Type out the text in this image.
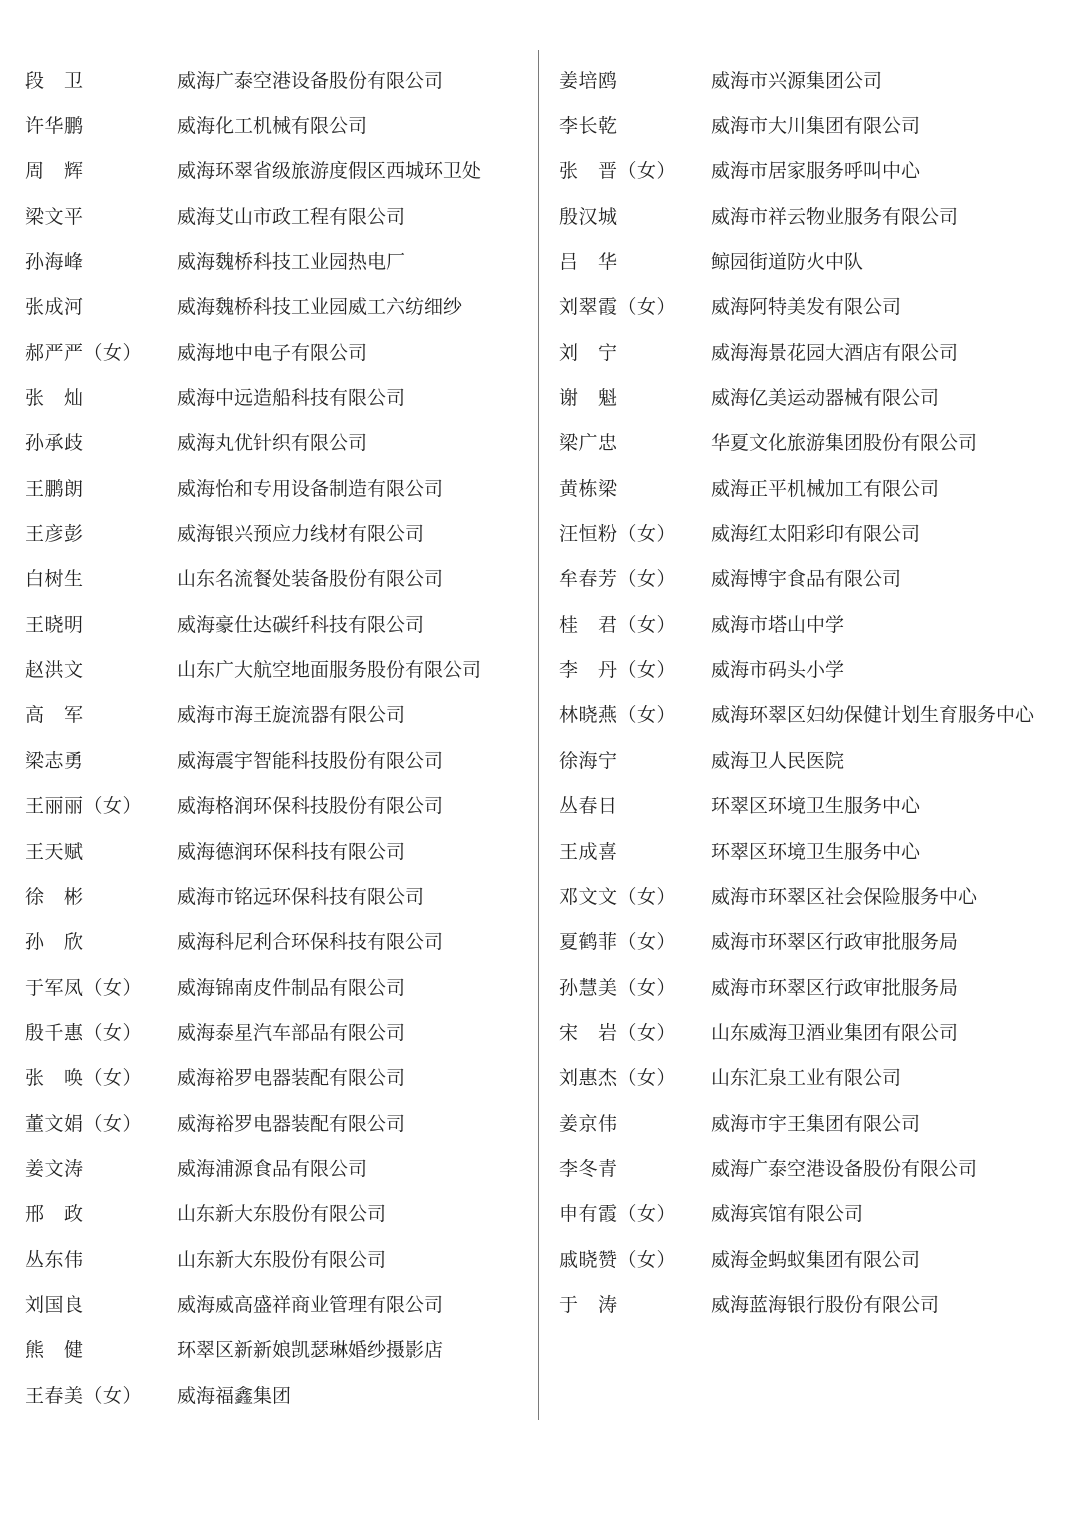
段　卫	威海广泰空港设备股份有限公司
许华鹏	威海化工机械有限公司
周　辉	威海环翠省级旅游度假区西城环卫处
梁文平	威海艾山市政工程有限公司
孙海峰	威海魏桥科技工业园热电厂
张成河	威海魏桥科技工业园威工六纺细纱
郝严严（女）	威海地中电子有限公司
张　灿	威海中远造船科技有限公司
孙承歧	威海丸优针织有限公司
王鹏朗	威海怡和专用设备制造有限公司
王彦彭	威海银兴预应力线材有限公司
白树生	山东名流餐处装备股份有限公司
王晓明	威海豪仕达碳纤科技有限公司
赵洪文	山东广大航空地面服务股份有限公司
高　军	威海市海王旋流器有限公司
梁志勇	威海震宇智能科技股份有限公司
王丽丽（女）	威海格润环保科技股份有限公司
王天赋	威海德润环保科技有限公司
徐　彬	威海市铭远环保科技有限公司
孙　欣	威海科尼利合环保科技有限公司
于军凤（女）	威海锦南皮件制品有限公司
殷千惠（女）	威海泰星汽车部品有限公司
张　唤（女）	威海裕罗电器装配有限公司
董文娟（女）	威海裕罗电器装配有限公司
姜文涛	威海浦源食品有限公司
邢　政	山东新大东股份有限公司
丛东伟	山东新大东股份有限公司
刘国良	威海威高盛祥商业管理有限公司
熊　健	环翠区新新娘凯瑟琳婚纱摄影店
王春美（女）	威海福鑫集团
姜培鸥	威海市兴源集团公司
李长乾	威海市大川集团有限公司
张　晋（女）	威海市居家服务呼叫中心
殷汉城	威海市祥云物业服务有限公司
吕　华	鲸园街道防火中队
刘翠霞（女）	威海阿特美发有限公司
刘　宁	威海海景花园大酒店有限公司
谢　魁	威海亿美运动器械有限公司
梁广忠	华夏文化旅游集团股份有限公司
黄栋梁	威海正平机械加工有限公司
汪恒粉（女）	威海红太阳彩印有限公司
牟春芳（女）	威海博宇食品有限公司
桂　君（女）	威海市塔山中学
李　丹（女）	威海市码头小学
林晓燕（女）	威海环翠区妇幼保健计划生育服务中心
徐海宁	威海卫人民医院
丛春日	环翠区环境卫生服务中心
王成喜	环翠区环境卫生服务中心
邓文文（女）	威海市环翠区社会保险服务中心
夏鹤菲（女）	威海市环翠区行政审批服务局
孙慧美（女）	威海市环翠区行政审批服务局
宋　岩（女）	山东威海卫酒业集团有限公司
刘惠杰（女）	山东汇泉工业有限公司
姜京伟	威海市宇王集团有限公司
李冬青	威海广泰空港设备股份有限公司
申有霞（女）	威海宾馆有限公司
戚晓赞（女）	威海金蚂蚁集团有限公司
于　涛	威海蓝海银行股份有限公司
